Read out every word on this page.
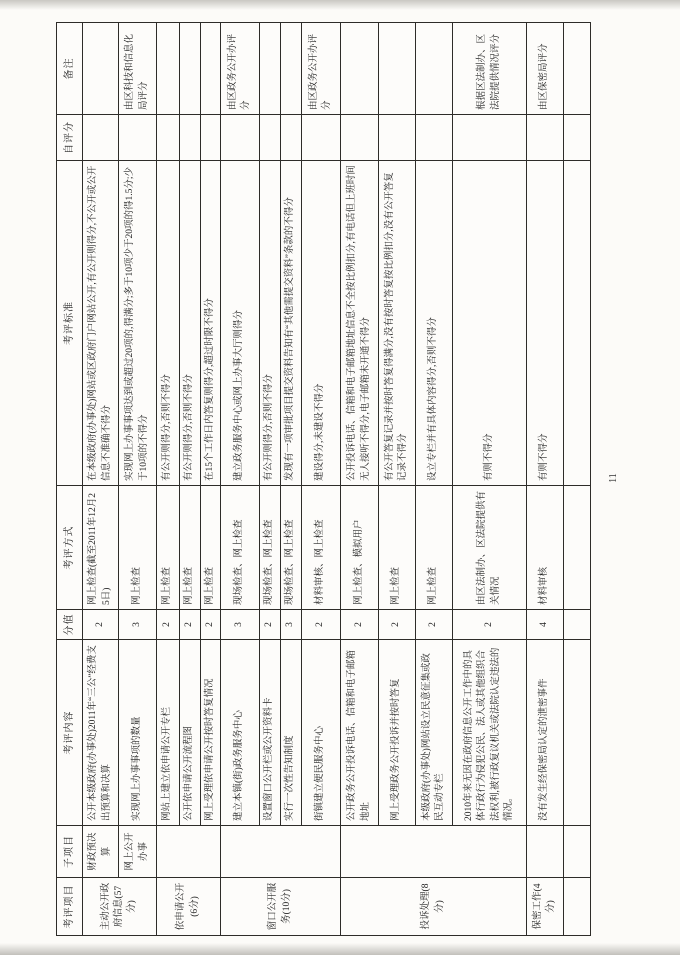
考评项目	子项目	考评内容	分值	考评方式	考评标准	自评分	备注
主动公开政府信息(57分)	财政预决算	公开本级政府(办事处)2011年“三公”经费支出预算和决算	2	网上检查(截至2011年12月25日)	在本级政府(办事处)网站或区政府门户网站公开,有公开则得分,不公开或公开信息不准确不得分		
	网上公开办事	实现网上办事事项的数量	3	网上检查	实现网上办事事项达到或超过20项的,得满分;多于10项少于20项的得1.5分;少于10项的不得分		由区科技和信息化局评分
依申请公开(6分)		网站上建立依申请公开专栏	2	网上检查	有公开则得分,否则不得分		
		公开依申请公开流程图	2	网上检查	有公开则得分,否则不得分		
		网上受理依申请公开按时答复情况	2	网上检查	在15个工作日内答复则得分,超过时限不得分		
窗口公开服务(10分)		建立本镇(街)政务服务中心	3	现场检查、网上检查	建立政务服务中心或网上办事大厅则得分		由区政务公开办评分
		设置窗口公开栏或公开资料卡	2	现场检查、网上检查	有公开则得分,否则不得分		
		实行一次性告知制度	3	现场检查、网上检查	发现有一项审批项目提交资料告知有“其他需提交资料”条款的不得分		
		街镇建立便民服务中心	2	材料审核、网上检查	建设得分,未建设不得分		由区政务公开办评分
投诉处理(8分)		公开政务公开投诉电话、信箱和电子邮箱地址	2	网上检查、模拟用户	公开投诉电话、信箱和电子邮箱地址信息不全按比例扣分,有电话但上班时间无人接听不得分,电子邮箱未开通不得分		
		网上受理政务公开投诉并按时答复	2	网上检查	有公开答复记录并按时答复得满分,没有按时答复按比例扣分,没有公开答复记录不得分		
		本级政府(办事处)网站设立民意征集或政民互动专栏	2	网上检查	设立专栏并有具体内容得分,否则不得分		
		2010年来无因在政府信息公开工作中的具体行政行为侵犯公民、法人或其他组织合法权利,被行政复议机关或法院认定违法的情况。	2	由区法制办、区法院提供有关情况	有则不得分		根据区法制办、区法院提供情况评分
保密工作(4分)		没有发生经保密局认定的泄密事件	4	材料审核	有则不得分		由区保密局评分

11
